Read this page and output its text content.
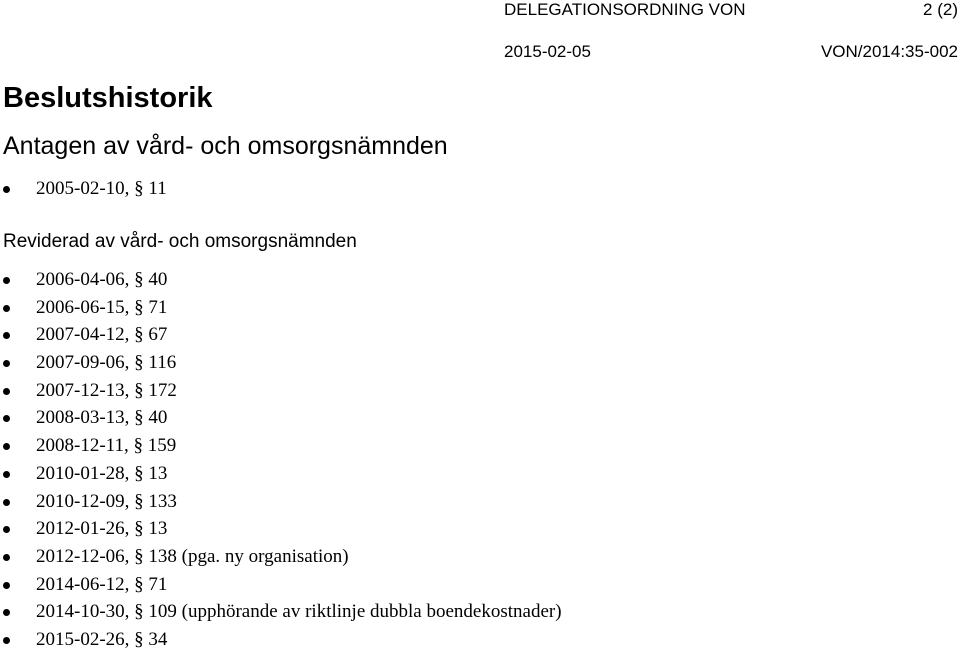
DELEGATIONSORDNING VON	2 (2)
2015-02-05	VON/2014:35-002
Beslutshistorik
Antagen av vård- och omsorgsnämnden
2005-02-10, § 11
Reviderad av vård- och omsorgsnämnden
2006-04-06, § 40
2006-06-15, § 71
2007-04-12, § 67
2007-09-06, § 116
2007-12-13, § 172
2008-03-13, § 40
2008-12-11, § 159
2010-01-28, § 13
2010-12-09, § 133
2012-01-26, § 13
2012-12-06, § 138 (pga. ny organisation)
2014-06-12, § 71
2014-10-30, § 109 (upphörande av riktlinje dubbla boendekostnader)
2015-02-26, § 34
